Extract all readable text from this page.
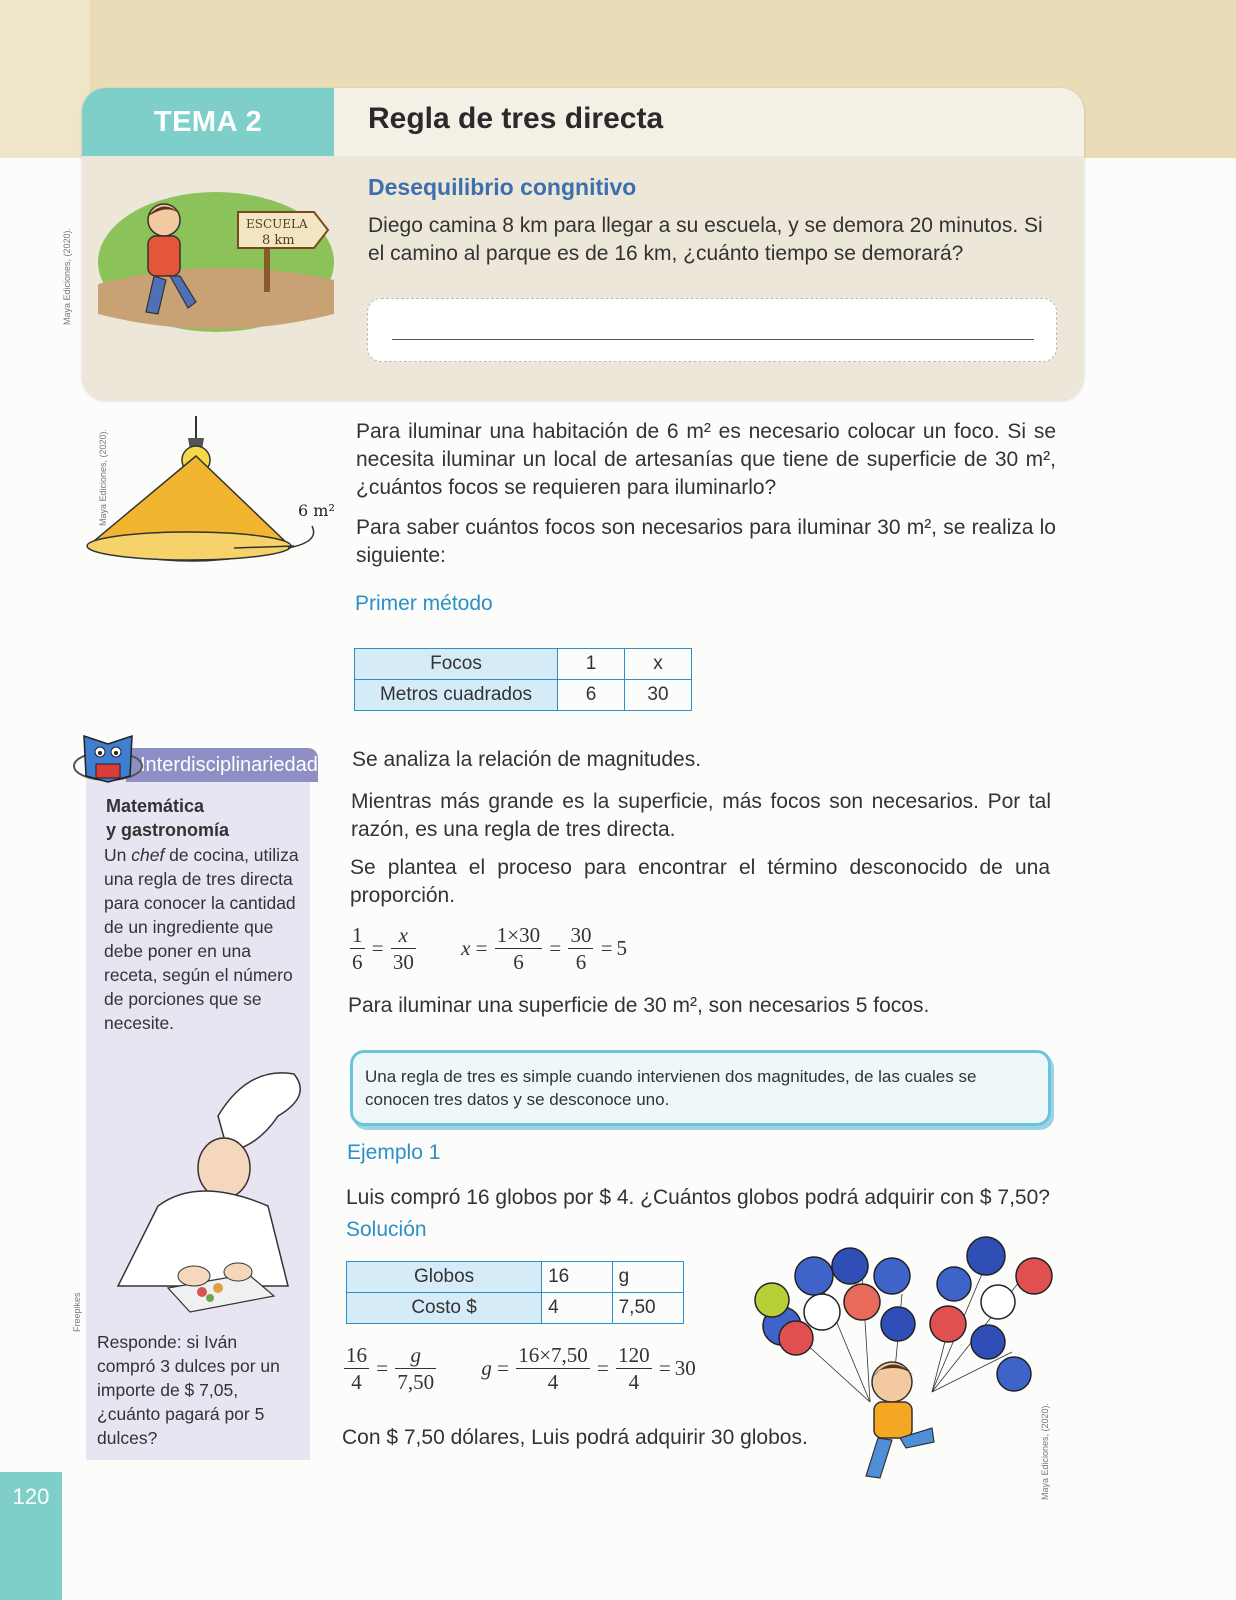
TEMA 2	Regla de tres directa
Desequilibrio congnitivo
Diego camina 8 km para llegar a su escuela, y se demora 20 minutos. Si el camino al parque es de 16 km, ¿cuánto tiempo se demorará?
ESCUELA
8 km
Maya Ediciones, (2020).
6 m²
Maya Ediciones, (2020).	Para iluminar una habitación de 6 m² es necesario colocar un foco. Si se necesita iluminar un local de artesanías que tiene de superficie de 30 m², ¿cuántos focos se requieren para iluminarlo?
Para saber cuántos focos son necesarios para iluminar 30 m², se realiza lo siguiente:
Primer método
Focos	1	x
Metros cuadrados	6	30
Se analiza la relación de magnitudes.
Mientras más grande es la superficie, más focos son necesarios. Por tal razón, es una regla de tres directa.
Se plantea el proceso para encontrar el término desconocido de una proporción.
$\frac{1}{6} = \frac{x}{30}$ $x = \frac{1\times 30}{6} = \frac{30}{6} = 5$
Para iluminar una superficie de 30 m², son necesarios 5 focos.
Una regla de tres es simple cuando intervienen dos magnitudes, de las cuales se conocen tres datos y se desconoce uno.
Ejemplo 1
Luis compró 16 globos por $ 4. ¿Cuántos globos podrá adquirir con $ 7,50?
Solución
Globos	16	g
Costo $	4	7,50
$\frac{16}{4} = \frac{g}{7,50}$ $g = \frac{16\times 7,50}{4} = \frac{120}{4} = 30$
Con $ 7,50 dólares, Luis podrá adquirir 30 globos.	Maya Ediciones, (2020).
Interdisciplinariedad
Matemática
y gastronomía
Un chef de cocina, utiliza una regla de tres directa para conocer la cantidad de un ingrediente que debe poner en una receta, según el número de porciones que se necesite.
Freepikes
Responde: si Iván compró 3 dulces por un importe de $ 7,05, ¿cuánto pagará por 5 dulces?
120
